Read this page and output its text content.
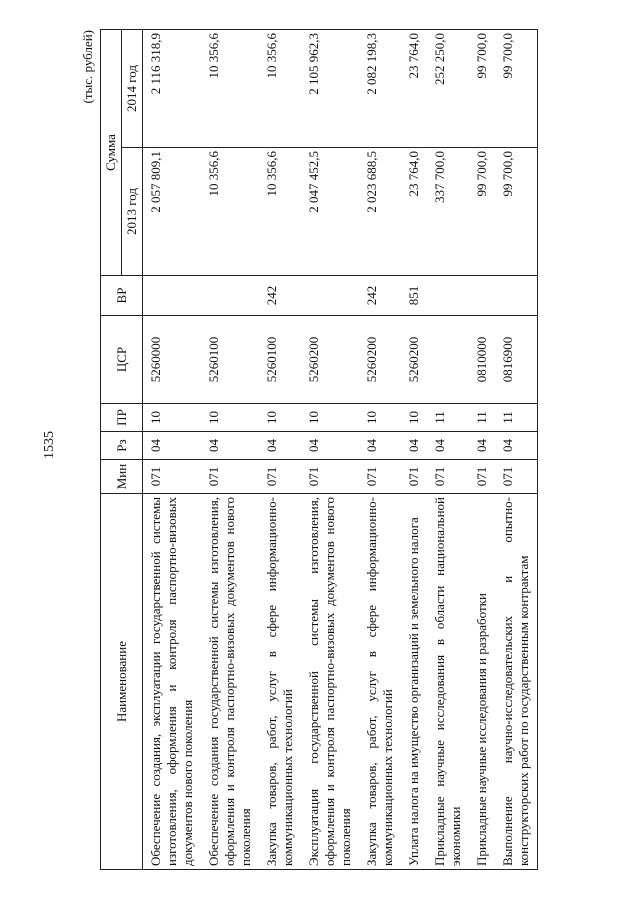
1535
(тыс. рублей)
Наименование	Мин	Рз	ПР	ЦСР	ВР	Сумма	
						2013 год	2014 год
Обеспечение создания, эксплуатации государственной системы изготовления, оформления и контроля паспортно-визовых документов нового поколения	071	04	10	5260000		2 057 809,1	2 116 318,9
Обеспечение создания государственной системы изготовления, оформления и контроля паспортно-визовых документов нового поколения	071	04	10	5260100		10 356,6	10 356,6
Закупка товаров, работ, услуг в сфере информационно-коммуникационных технологий	071	04	10	5260100	242	10 356,6	10 356,6
Эксплуатация государственной системы изготовления, оформления и контроля паспортно-визовых документов нового поколения	071	04	10	5260200		2 047 452,5	2 105 962,3
Закупка товаров, работ, услуг в сфере информационно-коммуникационных технологий	071	04	10	5260200	242	2 023 688,5	2 082 198,3
Уплата налога на имущество организаций и земельного налога	071	04	10	5260200	851	23 764,0	23 764,0
Прикладные научные исследования в области национальной экономики	071	04	11			337 700,0	252 250,0
Прикладные научные исследования и разработки	071	04	11	0810000		99 700,0	99 700,0
Выполнение научно-исследовательских и опытно-конструкторских работ по государственным контрактам	071	04	11	0816900		99 700,0	99 700,0
